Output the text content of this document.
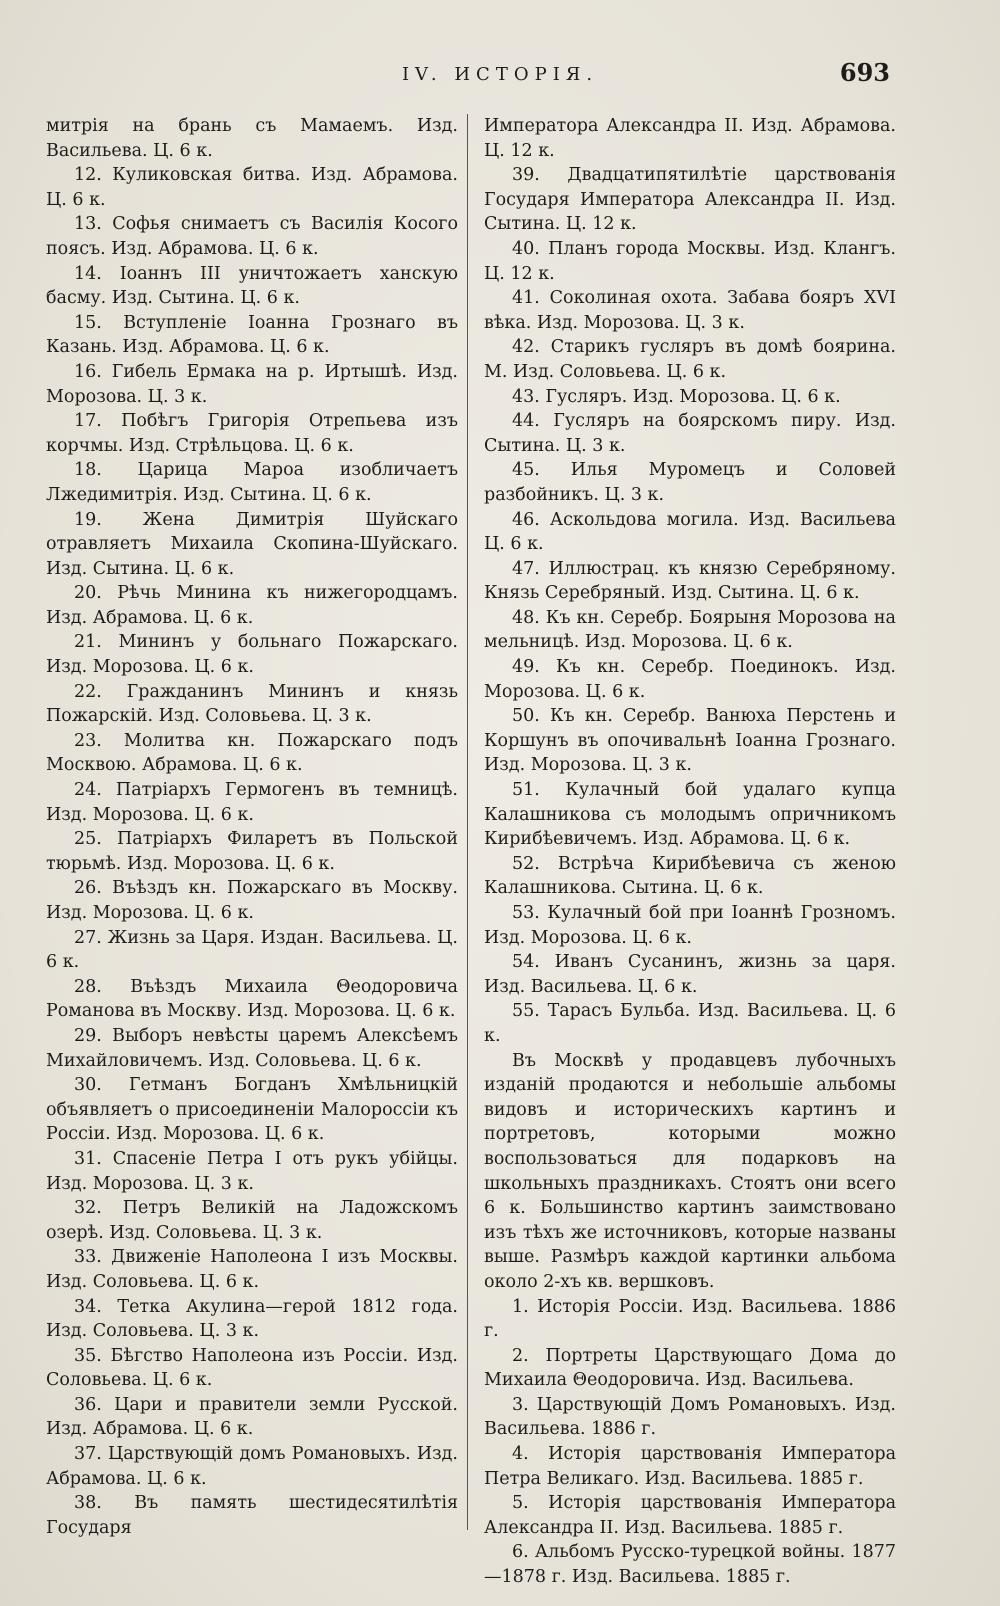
IV. ИСТОРІЯ.	693

митрія на брань съ Мамаемъ. Изд. Васильева. Ц. 6 к.

12. Куликовская битва. Изд. Абрамова. Ц. 6 к.

13. Софья снимаетъ съ Василія Косого поясъ. Изд. Абрамова. Ц. 6 к.

14. Іоаннъ III уничтожаетъ ханскую басму. Изд. Сытина. Ц. 6 к.

15. Вступленіе Іоанна Грознаго въ Казань. Изд. Абрамова. Ц. 6 к.

16. Гибель Ермака на р. Иртышѣ. Изд. Морозова. Ц. 3 к.

17. Побѣгъ Григорія Отрепьева изъ корчмы. Изд. Стрѣльцова. Ц. 6 к.

18. Царица Мароа изобличаетъ Лжедимитрія. Изд. Сытина. Ц. 6 к.

19. Жена Димитрія Шуйскаго отравляетъ Михаила Скопина-Шуйскаго. Изд. Сытина. Ц. 6 к.

20. Рѣчь Минина къ нижегородцамъ. Изд. Абрамова. Ц. 6 к.

21. Мининъ у больнаго Пожарскаго. Изд. Морозова. Ц. 6 к.

22. Гражданинъ Мининъ и князь Пожарскій. Изд. Соловьева. Ц. 3 к.

23. Молитва кн. Пожарскаго подъ Москвою. Абрамова. Ц. 6 к.

24. Патріархъ Гермогенъ въ темницѣ. Изд. Морозова. Ц. 6 к.

25. Патріархъ Филаретъ въ Польской тюрьмѣ. Изд. Морозова. Ц. 6 к.

26. Въѣздъ кн. Пожарскаго въ Москву. Изд. Морозова. Ц. 6 к.

27. Жизнь за Царя. Издан. Васильева. Ц. 6 к.

28. Въѣздъ Михаила Θеодоровича Романова въ Москву. Изд. Морозова. Ц. 6 к.

29. Выборъ невѣсты царемъ Алексѣемъ Михайловичемъ. Изд. Соловьева. Ц. 6 к.

30. Гетманъ Богданъ Хмѣльницкій объявляетъ о присоединеніи Малороссіи къ Россіи. Изд. Морозова. Ц. 6 к.

31. Спасеніе Петра I отъ рукъ убійцы. Изд. Морозова. Ц. 3 к.

32. Петръ Великій на Ладожскомъ озерѣ. Изд. Соловьева. Ц. 3 к.

33. Движеніе Наполеона I изъ Москвы. Изд. Соловьева. Ц. 6 к.

34. Тетка Акулина—герой 1812 года. Изд. Соловьева. Ц. 3 к.

35. Бѣгство Наполеона изъ Россіи. Изд. Соловьева. Ц. 6 к.

36. Цари и правители земли Русской. Изд. Абрамова. Ц. 6 к.

37. Царствующій домъ Романовыхъ. Изд. Абрамова. Ц. 6 к.

38. Въ память шестидесятилѣтія Государя

Императора Александра II. Изд. Абрамова. Ц. 12 к.

39. Двадцатипятилѣтіе царствованія Государя Императора Александра II. Изд. Сытина. Ц. 12 к.

40. Планъ города Москвы. Изд. Клангъ. Ц. 12 к.

41. Соколиная охота. Забава бояръ XVI вѣка. Изд. Морозова. Ц. 3 к.

42. Старикъ гусляръ въ домѣ боярина. М. Изд. Соловьева. Ц. 6 к.

43. Гусляръ. Изд. Морозова. Ц. 6 к.

44. Гусляръ на боярскомъ пиру. Изд. Сытина. Ц. 3 к.

45. Илья Муромецъ и Соловей разбойникъ. Ц. 3 к.

46. Аскольдова могила. Изд. Васильева Ц. 6 к.

47. Иллюстрац. къ князю Серебряному. Князь Серебряный. Изд. Сытина. Ц. 6 к.

48. Къ кн. Серебр. Боярыня Морозова на мельницѣ. Изд. Морозова. Ц. 6 к.

49. Къ кн. Серебр. Поединокъ. Изд. Морозова. Ц. 6 к.

50. Къ кн. Серебр. Ванюха Перстень и Коршунъ въ опочивальнѣ Іоанна Грознаго. Изд. Морозова. Ц. 3 к.

51. Кулачный бой удалаго купца Калашникова съ молодымъ опричникомъ Кирибѣевичемъ. Изд. Абрамова. Ц. 6 к.

52. Встрѣча Кирибѣевича съ женою Калашникова. Сытина. Ц. 6 к.

53. Кулачный бой при Іоаннѣ Грозномъ. Изд. Морозова. Ц. 6 к.

54. Иванъ Сусанинъ, жизнь за царя. Изд. Васильева. Ц. 6 к.

55. Тарасъ Бульба. Изд. Васильева. Ц. 6 к.

Въ Москвѣ у продавцевъ лубочныхъ изданій продаются и небольшіе альбомы видовъ и историческихъ картинъ и портретовъ, которыми можно воспользоваться для подарковъ на школьныхъ праздникахъ. Стоятъ они всего 6 к. Большинство картинъ заимствовано изъ тѣхъ же источниковъ, которые названы выше. Размѣръ каждой картинки альбома около 2-хъ кв. вершковъ.

1. Исторія Россіи. Изд. Васильева. 1886 г.

2. Портреты Царствующаго Дома до Михаила Θеодоровича. Изд. Васильева.

3. Царствующій Домъ Романовыхъ. Изд. Васильева. 1886 г.

4. Исторія царствованія Императора Петра Великаго. Изд. Васильева. 1885 г.

5. Исторія царствованія Императора Александра II. Изд. Васильева. 1885 г.

6. Альбомъ Русско-турецкой войны. 1877—1878 г. Изд. Васильева. 1885 г.
